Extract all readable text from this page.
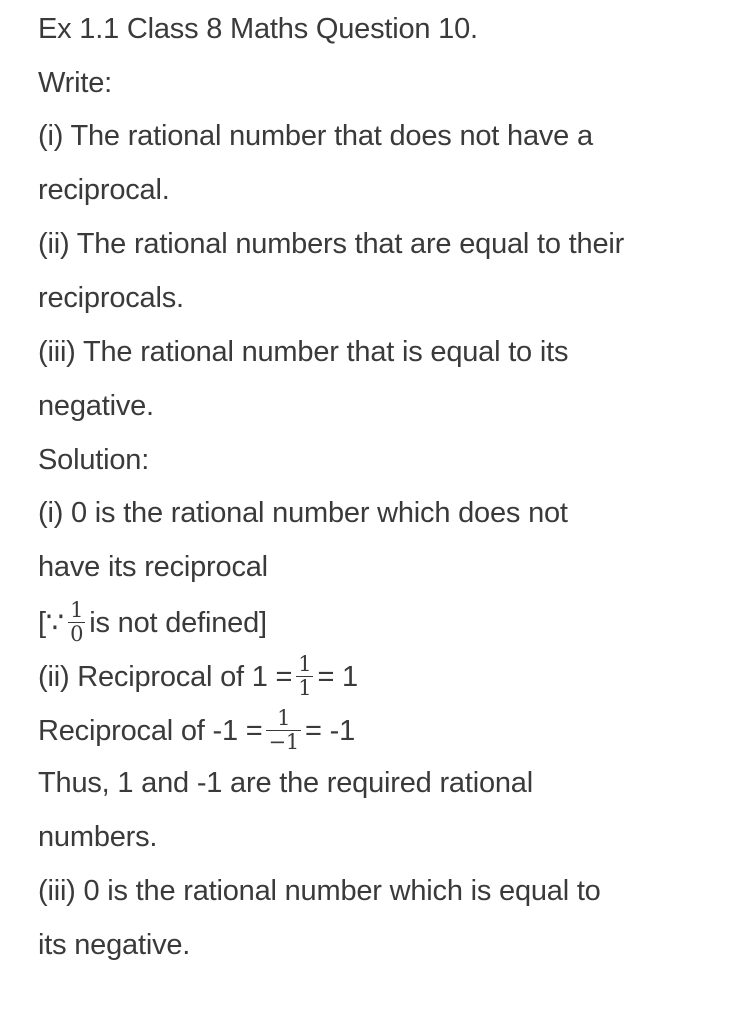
Ex 1.1 Class 8 Maths Question 10.
Write:
(i) The rational number that does not have a
reciprocal.
(ii) The rational numbers that are equal to their
reciprocals.
(iii) The rational number that is equal to its
negative.
Solution:
(i) 0 is the rational number which does not
have its reciprocal
[∵ $\frac{1}{0}$ is not defined]
(ii) Reciprocal of $1 = \frac{1}{1} = 1$
Reciprocal of $-1 = \frac{1}{-1} = -1$
Thus, 1 and -1 are the required rational
numbers.
(iii) 0 is the rational number which is equal to
its negative.
